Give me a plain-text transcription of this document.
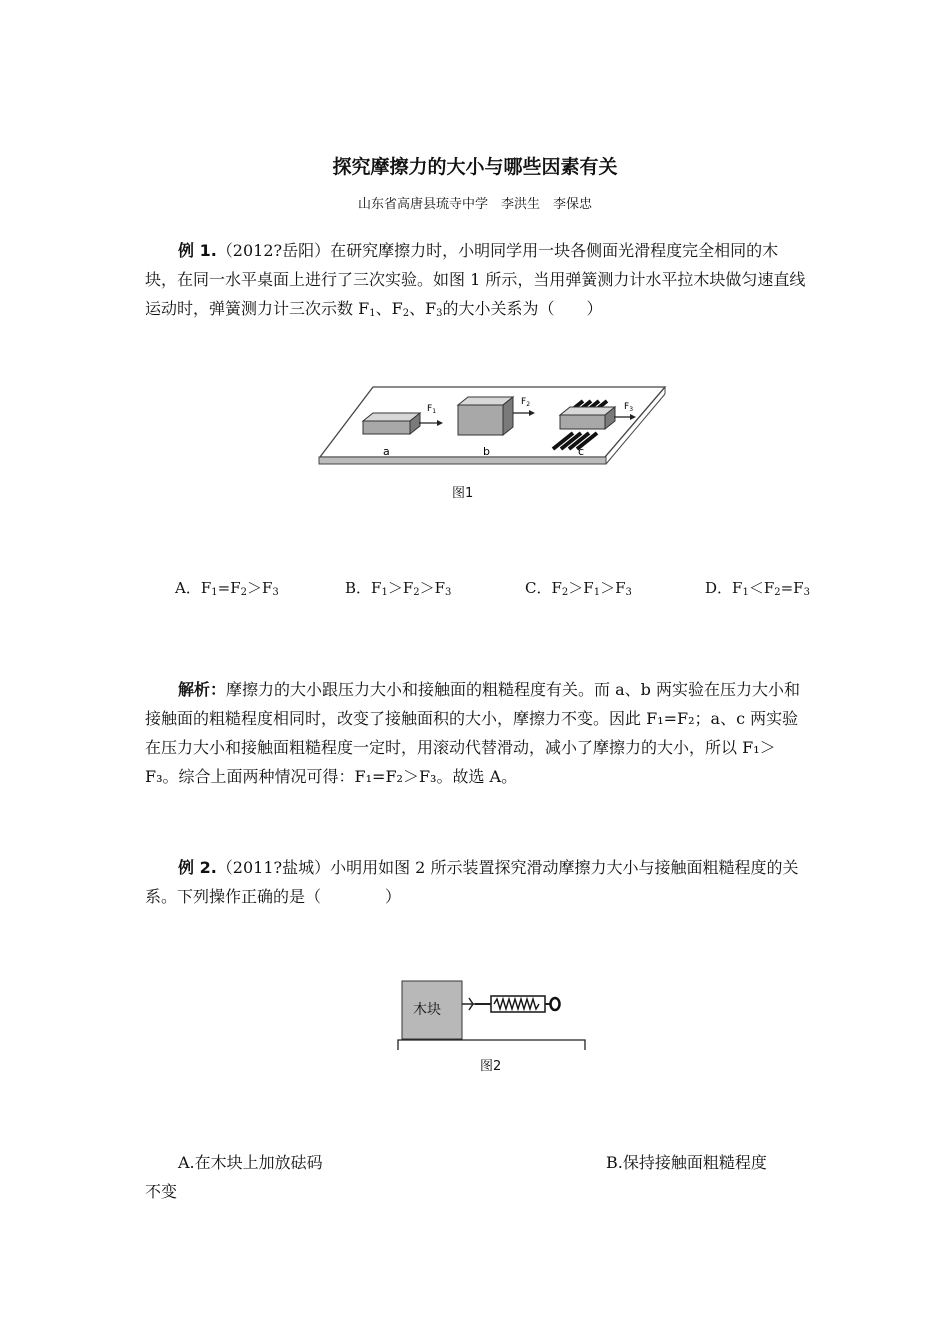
探究摩擦力的大小与哪些因素有关
山东省高唐县琉寺中学　李洪生　李保忠
例 1.（2012?岳阳）在研究摩擦力时，小明同学用一块各侧面光滑程度完全相同的木块，在同一水平桌面上进行了三次实验。如图 1 所示，当用弹簧测力计水平拉木块做匀速直线运动时，弹簧测力计三次示数 $F_1$、$F_2$、$F_3$的大小关系为（　　）
$F_1$
$F_2$	$F_3$
a	b	c
图1
A．$F_1=F_2>F_3$	B．$F_1>F_2>F_3$	C．$F_2>F_1>F_3$	D．$F_1<F_2=F_3$
解析：摩擦力的大小跟压力大小和接触面的粗糙程度有关。而 a、b 两实验在压力大小和接触面的粗糙程度相同时，改变了接触面积的大小，摩擦力不变。因此 F₁=F₂；a、c 两实验在压力大小和接触面粗糙程度一定时，用滚动代替滑动，减小了摩擦力的大小，所以 F₁＞F₃。综合上面两种情况可得：F₁=F₂＞F₃。故选 A。
例 2.（2011?盐城）小明用如图 2 所示装置探究滑动摩擦力大小与接触面粗糙程度的关系。下列操作正确的是（　　　　）
木块
图2
A.在木块上加放砝码	B.保持接触面粗糙程度
不变
